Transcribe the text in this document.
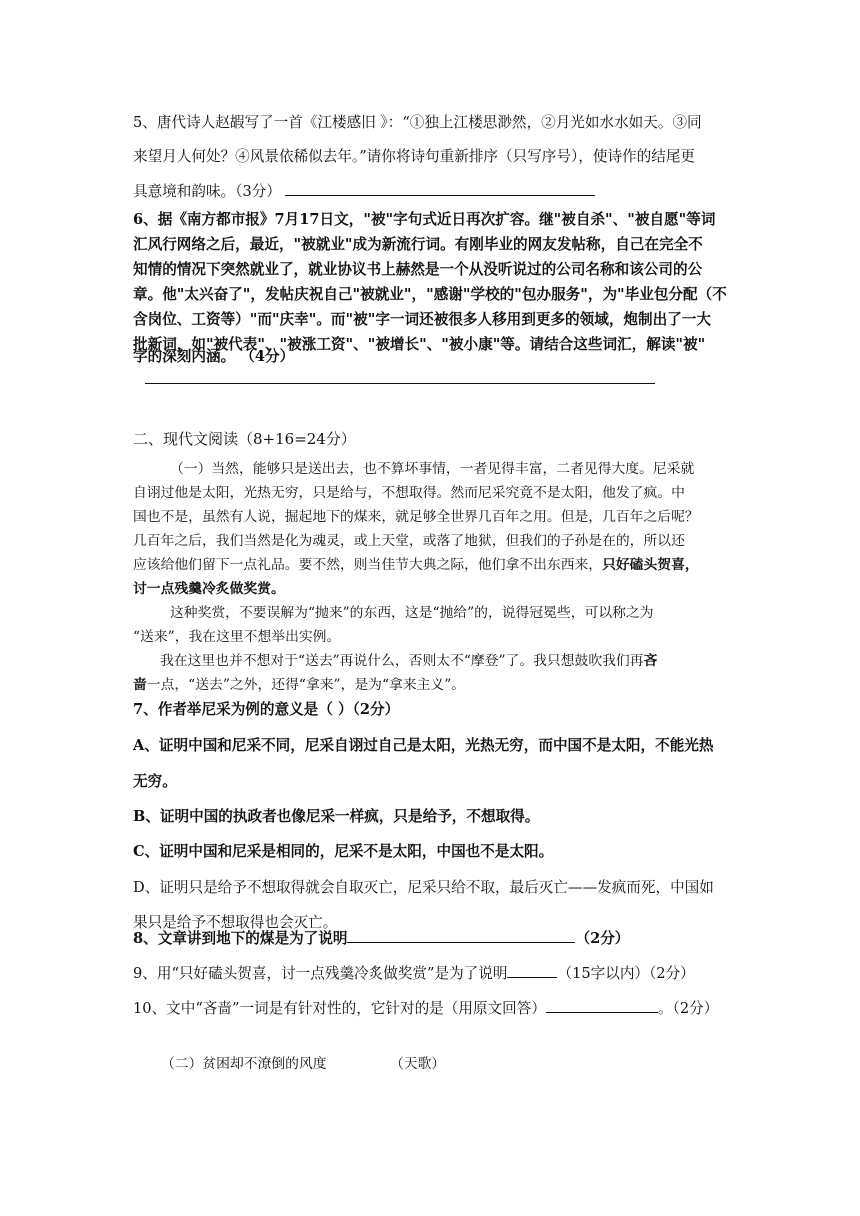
5、唐代诗人赵嘏写了一首《江楼感旧 》：“①独上江楼思渺然，②月光如水水如天。③同
来望月人何处？④风景依稀似去年。”请你将诗句重新排序（只写序号），使诗作的结尾更
具意境和韵味。（3分）
6、据《南方都市报》7月17日文，"被"字句式近日再次扩容。继"被自杀"、"被自愿"等词
汇风行网络之后，最近，"被就业"成为新流行词。有刚毕业的网友发帖称，自己在完全不
知情的情况下突然就业了，就业协议书上赫然是一个从没听说过的公司名称和该公司的公
章。他"太兴奋了"，发帖庆祝自己"被就业"，"感谢"学校的"包办服务"，为"毕业包分配（不
含岗位、工资等）"而"庆幸"。而"被"字一词还被很多人移用到更多的领域，炮制出了一大
批新词，如"被代表"、"被涨工资"、"被增长"、"被小康"等。请结合这些词汇，解读"被"
字的深刻内涵。 （4分）
二、现代文阅读（8+16=24分）
（一）当然，能够只是送出去，也不算坏事情，一者见得丰富，二者见得大度。尼采就
自诩过他是太阳，光热无穷，只是给与，不想取得。然而尼采究竟不是太阳，他发了疯。中
国也不是，虽然有人说，掘起地下的煤来，就足够全世界几百年之用。但是，几百年之后呢？
几百年之后，我们当然是化为魂灵，或上天堂，或落了地狱，但我们的子孙是在的，所以还
应该给他们留下一点礼品。要不然，则当佳节大典之际，他们拿不出东西来，只好磕头贺喜，
讨一点残羹冷炙做奖赏。
这种奖赏，不要误解为“抛来”的东西，这是“抛给”的，说得冠冕些，可以称之为
“送来”，我在这里不想举出实例。
我在这里也并不想对于“送去”再说什么，否则太不“摩登”了。我只想鼓吹我们再吝
啬一点，“送去”之外，还得“拿来”，是为“拿来主义”。
7、作者举尼采为例的意义是（ ）（2分）
A、证明中国和尼采不同，尼采自诩过自己是太阳，光热无穷，而中国不是太阳，不能光热
无穷。
B、证明中国的执政者也像尼采一样疯，只是给予，不想取得。
C、证明中国和尼采是相同的，尼采不是太阳，中国也不是太阳。
D、证明只是给予不想取得就会自取灭亡，尼采只给不取，最后灭亡——发疯而死，中国如
果只是给予不想取得也会灭亡。
8、文章讲到地下的煤是为了说明	（2分）
9、用“只好磕头贺喜，讨一点残羹冷炙做奖赏”是为了说明	（15字以内）（2分）
10、文中“吝啬”一词是有针对性的，它针对的是（用原文回答）	。（2分）
（二）贫困却不潦倒的风度	（天歌）
